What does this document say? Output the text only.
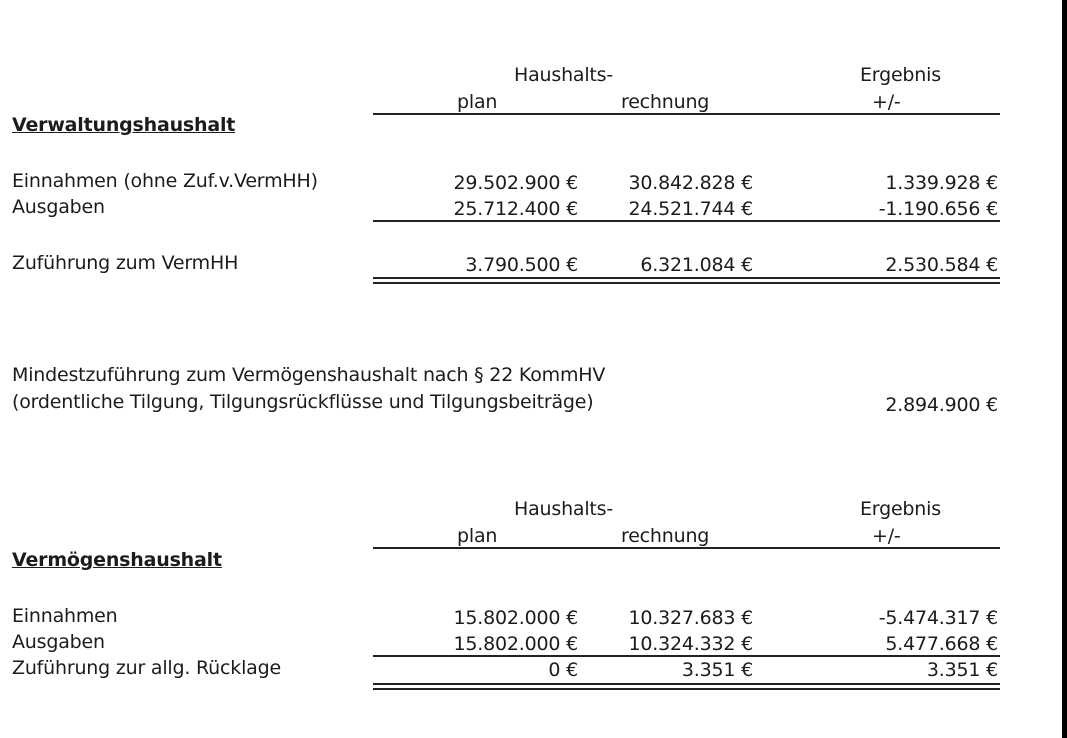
Haushalts-
plan	rechnung
Ergebnis
+/-
Verwaltungshaushalt
Einnahmen (ohne Zuf.v.VermHH)	29.502.900 €	30.842.828 €	1.339.928 €
Ausgaben	25.712.400 €	24.521.744 €	-1.190.656 €
Zuführung zum VermHH	3.790.500 €	6.321.084 €	2.530.584 €
Mindestzuführung zum Vermögenshaushalt nach § 22 KommHV
(ordentliche Tilgung, Tilgungsrückflüsse und Tilgungsbeiträge)	2.894.900 €
Haushalts-
plan	rechnung
Ergebnis
+/-
Vermögenshaushalt
Einnahmen	15.802.000 €	10.327.683 €	-5.474.317 €
Ausgaben	15.802.000 €	10.324.332 €	5.477.668 €
Zuführung zur allg. Rücklage	0 €	3.351 €	3.351 €
